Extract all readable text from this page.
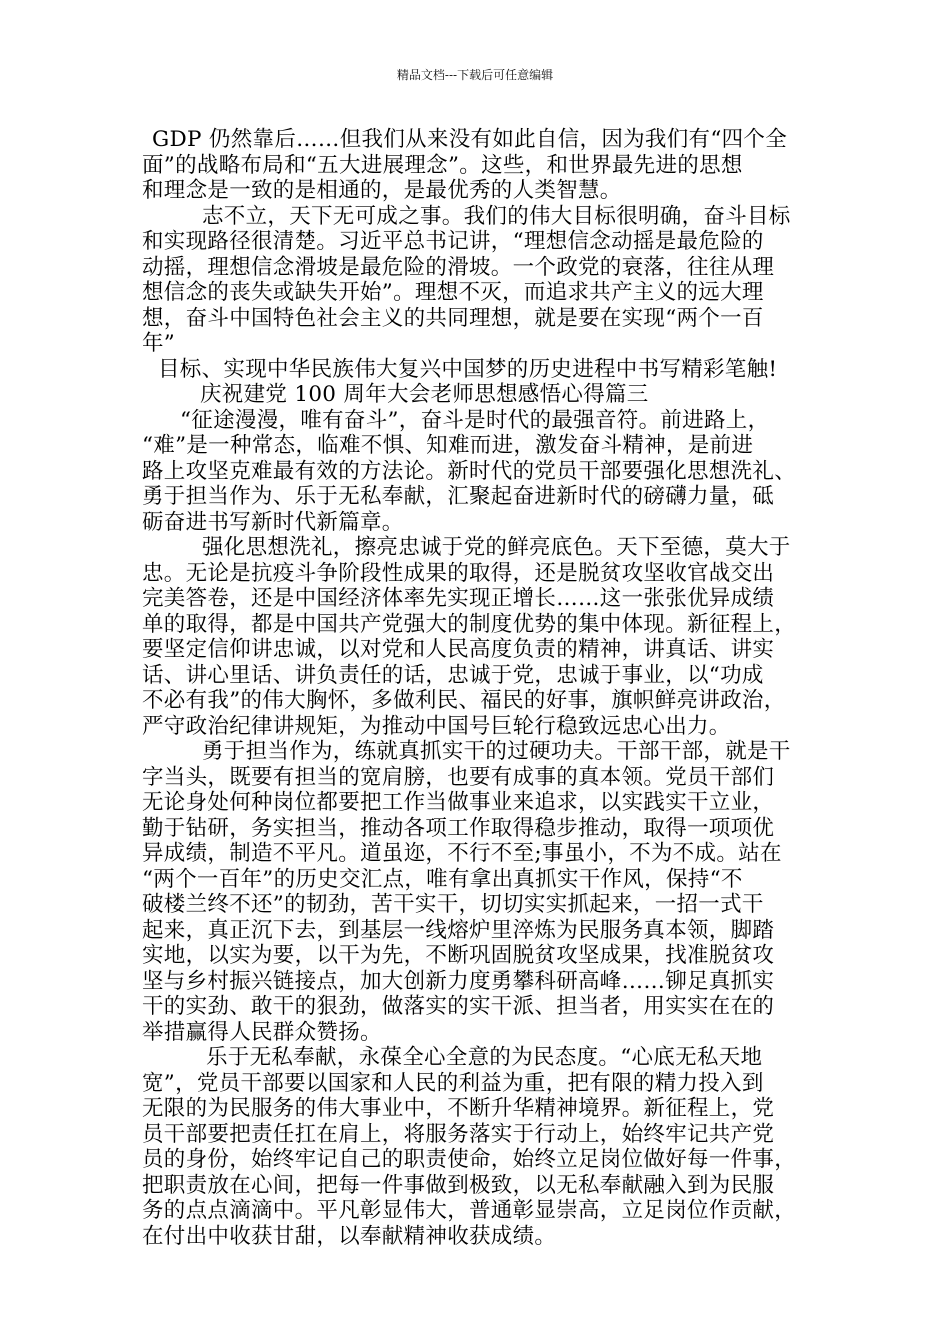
精品文档---下载后可任意编辑
GDP 仍然靠后……但我们从来没有如此自信，因为我们有“四个全
面”的战略布局和“五大进展理念”。这些，和世界最先进的思想
和理念是一致的是相通的，是最优秀的人类智慧。
志不立，天下无可成之事。我们的伟大目标很明确，奋斗目标
和实现路径很清楚。习近平总书记讲，“理想信念动摇是最危险的
动摇，理想信念滑坡是最危险的滑坡。一个政党的衰落，往往从理
想信念的丧失或缺失开始”。理想不灭，而追求共产主义的远大理
想，奋斗中国特色社会主义的共同理想，就是要在实现“两个一百
年”
目标、实现中华民族伟大复兴中国梦的历史进程中书写精彩笔触!
庆祝建党 100 周年大会老师思想感悟心得篇三
“征途漫漫，唯有奋斗”，奋斗是时代的最强音符。前进路上，
“难”是一种常态，临难不惧、知难而进，激发奋斗精神，是前进
路上攻坚克难最有效的方法论。新时代的党员干部要强化思想洗礼、
勇于担当作为、乐于无私奉献，汇聚起奋进新时代的磅礴力量，砥
砺奋进书写新时代新篇章。
强化思想洗礼，擦亮忠诚于党的鲜亮底色。天下至德，莫大于
忠。无论是抗疫斗争阶段性成果的取得，还是脱贫攻坚收官战交出
完美答卷，还是中国经济体率先实现正增长……这一张张优异成绩
单的取得，都是中国共产党强大的制度优势的集中体现。新征程上，
要坚定信仰讲忠诚，以对党和人民高度负责的精神，讲真话、讲实
话、讲心里话、讲负责任的话，忠诚于党，忠诚于事业，以“功成
不必有我”的伟大胸怀，多做利民、福民的好事，旗帜鲜亮讲政治，
严守政治纪律讲规矩，为推动中国号巨轮行稳致远忠心出力。
勇于担当作为，练就真抓实干的过硬功夫。干部干部，就是干
字当头，既要有担当的宽肩膀，也要有成事的真本领。党员干部们
无论身处何种岗位都要把工作当做事业来追求，以实践实干立业，
勤于钻研，务实担当，推动各项工作取得稳步推动，取得一项项优
异成绩，制造不平凡。道虽迩，不行不至;事虽小，不为不成。站在
“两个一百年”的历史交汇点，唯有拿出真抓实干作风，保持“不
破楼兰终不还”的韧劲，苦干实干，切切实实抓起来，一招一式干
起来，真正沉下去，到基层一线熔炉里淬炼为民服务真本领，脚踏
实地，以实为要，以干为先，不断巩固脱贫攻坚成果，找准脱贫攻
坚与乡村振兴链接点，加大创新力度勇攀科研高峰……铆足真抓实
干的实劲、敢干的狠劲，做落实的实干派、担当者，用实实在在的
举措赢得人民群众赞扬。
乐于无私奉献，永葆全心全意的为民态度。“心底无私天地
宽”，党员干部要以国家和人民的利益为重，把有限的精力投入到
无限的为民服务的伟大事业中，不断升华精神境界。新征程上，党
员干部要把责任扛在肩上，将服务落实于行动上，始终牢记共产党
员的身份，始终牢记自己的职责使命，始终立足岗位做好每一件事，
把职责放在心间，把每一件事做到极致，以无私奉献融入到为民服
务的点点滴滴中。平凡彰显伟大，普通彰显崇高，立足岗位作贡献，
在付出中收获甘甜，以奉献精神收获成绩。
